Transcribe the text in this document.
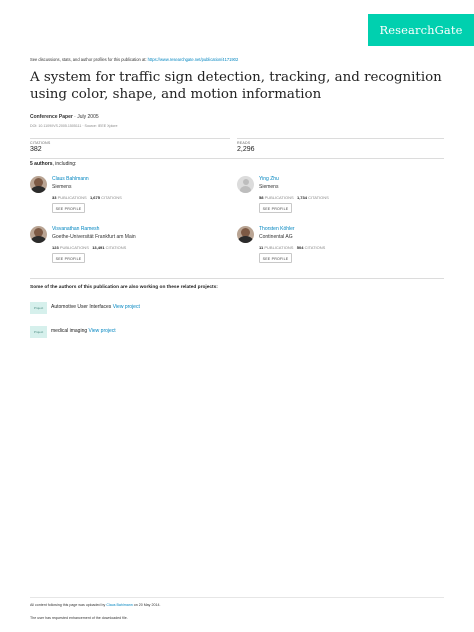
ResearchGate
See discussions, stats, and author profiles for this publication at: https://www.researchgate.net/publication/4171902
A system for traffic sign detection, tracking, and recognition using color, shape, and motion information
Conference Paper · July 2005
DOI: 10.1109/IVS.2005.1505111 · Source: IEEE Xplore
CITATIONS
382
READS
2,296
5 authors, including:
Claus Bahlmann
Siemens
33 PUBLICATIONS 1,675 CITATIONS
SEE PROFILE
Ying Zhu
Siemens
58 PUBLICATIONS 1,734 CITATIONS
SEE PROFILE
Visvanathan Ramesh
Goethe-Universität Frankfurt am Main
123 PUBLICATIONS 13,491 CITATIONS
SEE PROFILE
Thorsten Köhler
Continental AG
11 PUBLICATIONS 504 CITATIONS
SEE PROFILE
Some of the authors of this publication are also working on these related projects:
Project	Automotive User Interfaces View project
Project	medical imaging View project
All content following this page was uploaded by Claus Bahlmann on 20 May 2014.
The user has requested enhancement of the downloaded file.
